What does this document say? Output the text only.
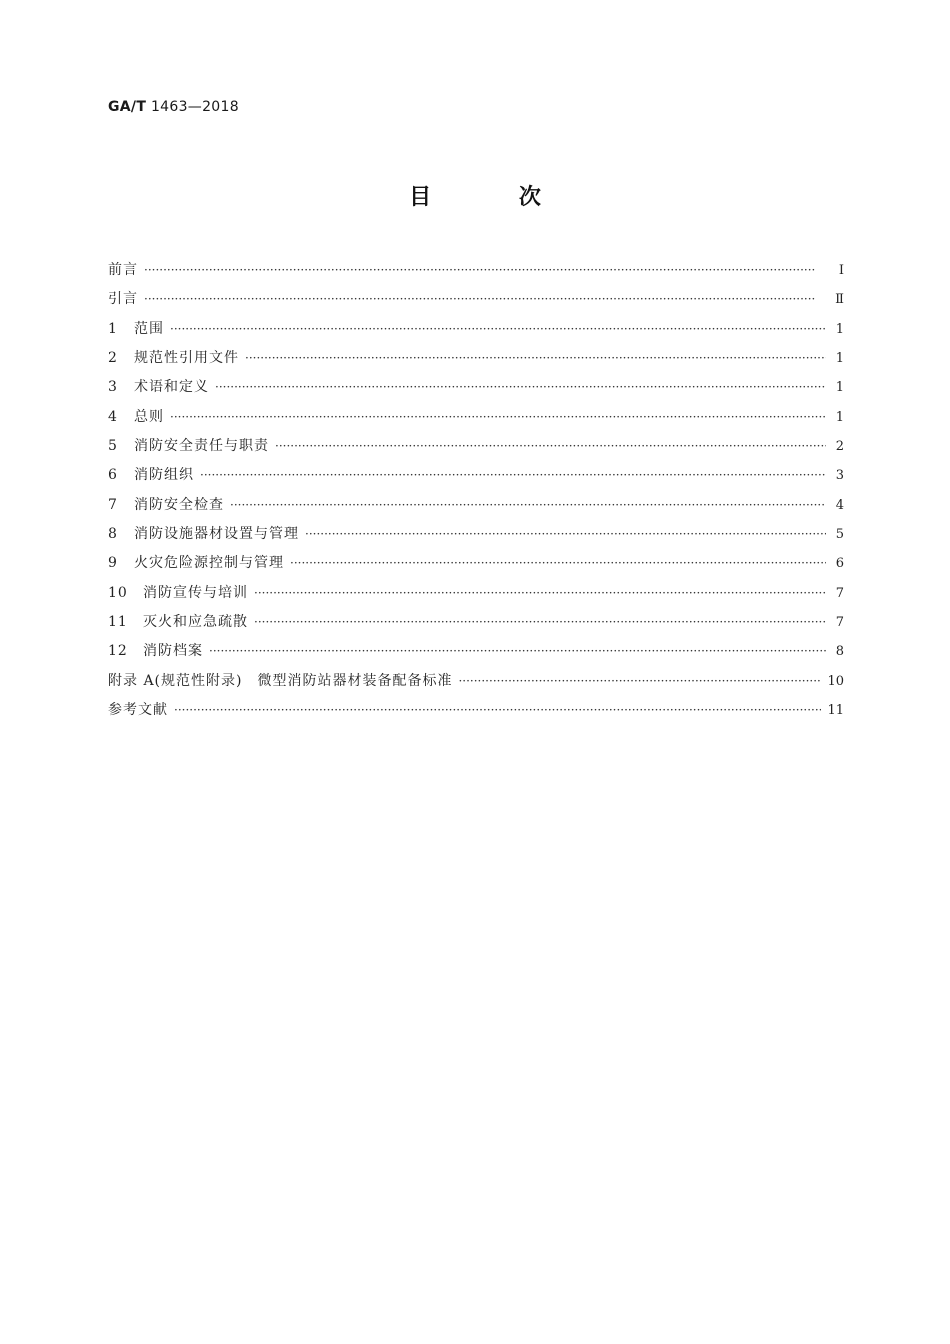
GA/T 1463—2018
目 次
前言 ·····	Ⅰ
引言 ·····	Ⅱ
1	范围 ·····	1
2	规范性引用文件 ·····	1
3	术语和定义 ·····	1
4	总则 ·····	1
5	消防安全责任与职责 ·····	2
6	消防组织 ·····	3
7	消防安全检查 ·····	4
8	消防设施器材设置与管理 ·····	5
9	火灾危险源控制与管理 ·····	6
10	消防宣传与培训 ·····	7
11	灭火和应急疏散 ·····	7
12	消防档案 ·····	8
附录 A(规范性附录)　微型消防站器材装备配备标准 ·····	10
参考文献 ·····	11
